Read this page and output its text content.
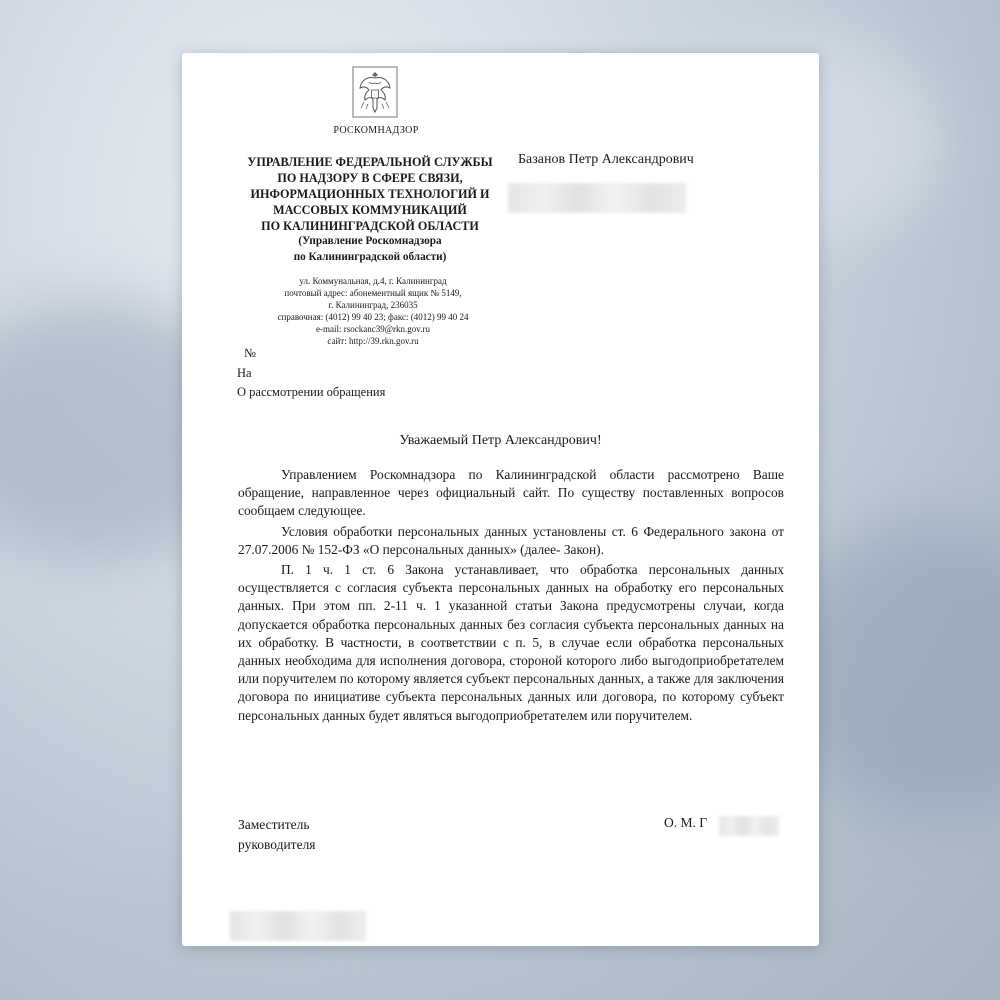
РОСКОМНАДЗОР
УПРАВЛЕНИЕ ФЕДЕРАЛЬНОЙ СЛУЖБЫ
ПО НАДЗОРУ В СФЕРЕ СВЯЗИ,
ИНФОРМАЦИОННЫХ ТЕХНОЛОГИЙ И
МАССОВЫХ КОММУНИКАЦИЙ
ПО КАЛИНИНГРАДСКОЙ ОБЛАСТИ
(Управление Роскомнадзора
по Калининградской области)
ул. Коммунальная, д.4, г. Калининград
почтовый адрес: абонементный ящик № 5149,
г. Калининград, 236035
справочная: (4012) 99 40 23; факс: (4012) 99 40 24
e-mail: rsockanc39@rkn.gov.ru
сайт: http://39.rkn.gov.ru
Базанов Петр Александрович
№
На
О рассмотрении обращения
Уважаемый Петр Александрович!

Управлением Роскомнадзора по Калининградской области рассмотрено Ваше обращение, направленное через официальный сайт. По существу поставленных вопросов сообщаем следующее.

Условия обработки персональных данных установлены ст. 6 Федерального закона от 27.07.2006 № 152-ФЗ «О персональных данных» (далее- Закон).

П. 1 ч. 1 ст. 6 Закона устанавливает, что обработка персональных данных осуществляется с согласия субъекта персональных данных на обработку его персональных данных. При этом пп. 2-11 ч. 1 указанной статьи Закона предусмотрены случаи, когда допускается обработка персональных данных без согласия субъекта персональных данных на их обработку. В частности, в соответствии с п. 5, в случае если обработка персональных данных необходима для исполнения договора, стороной которого либо выгодоприобретателем или поручителем по которому является субъект персональных данных, а также для заключения договора по инициативе субъекта персональных данных или договора, по которому субъект персональных данных будет являться выгодоприобретателем или поручителем.

Заместитель
руководителя
О. М. Г
